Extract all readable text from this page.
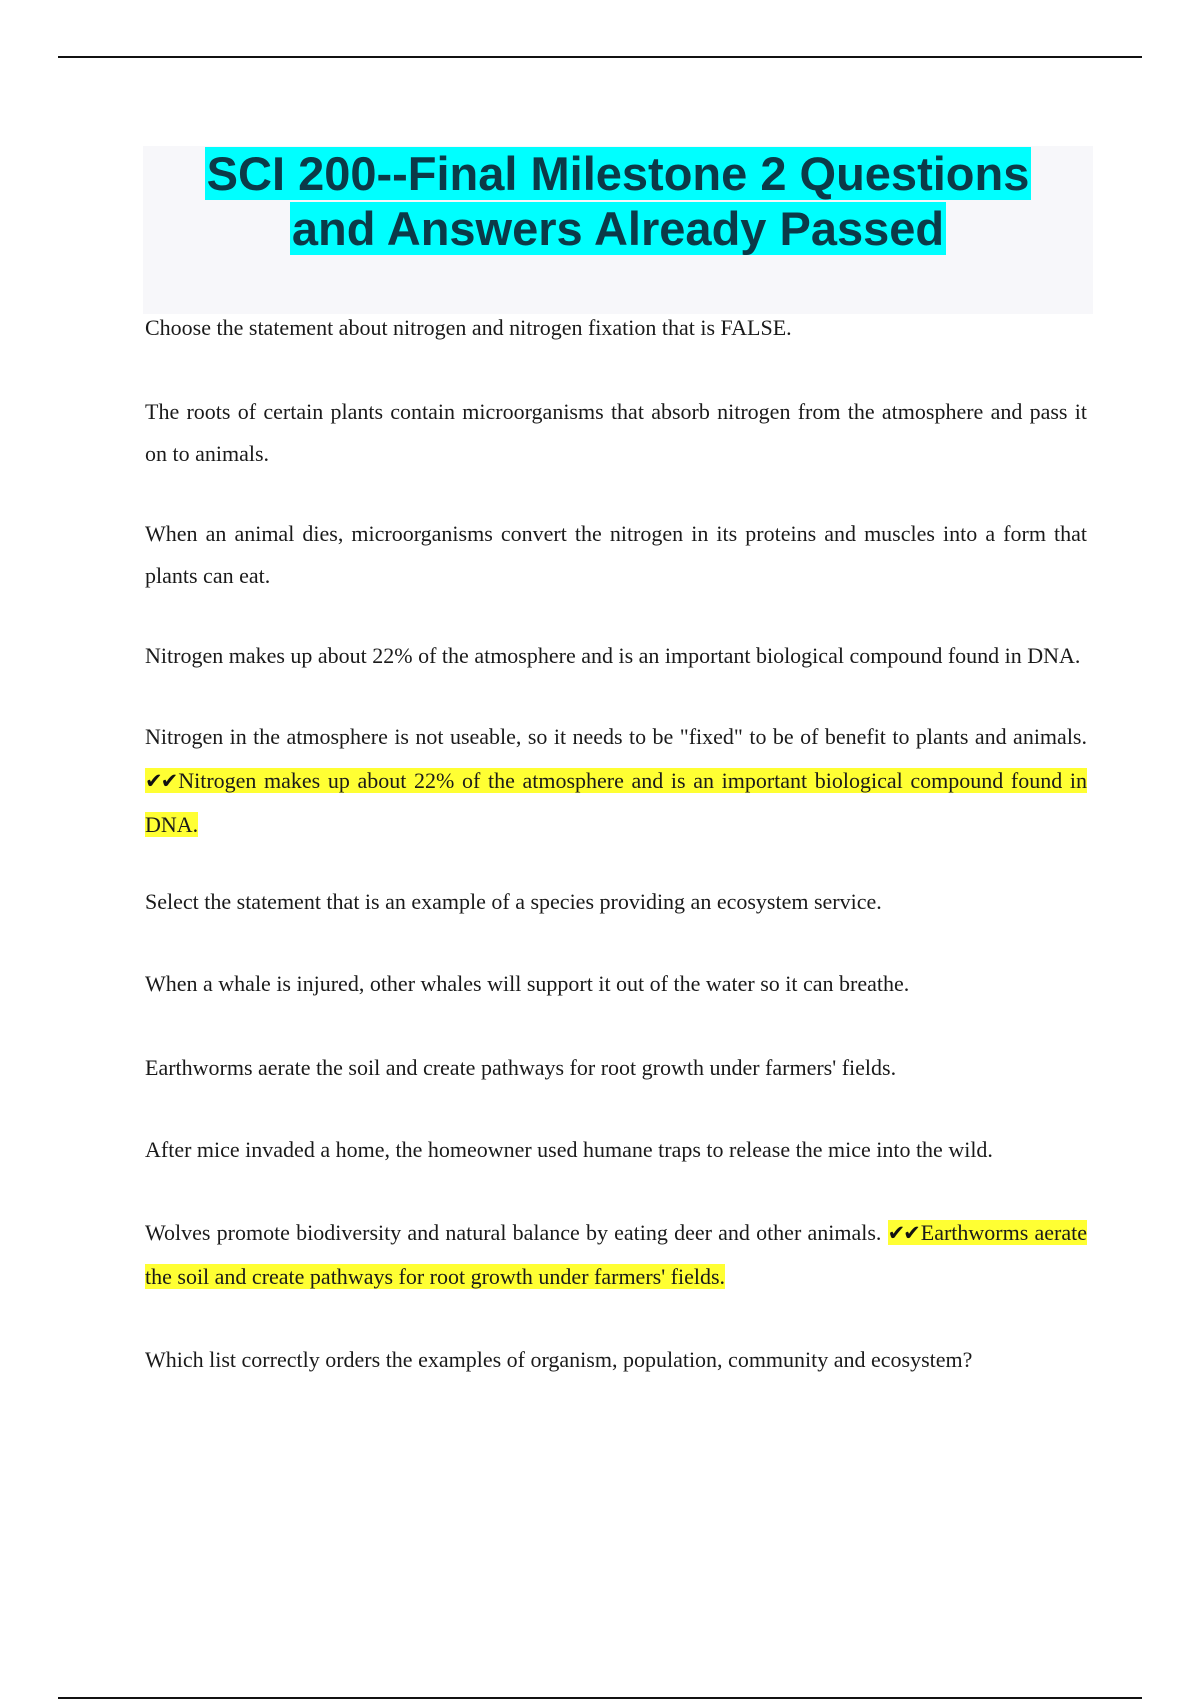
SCI 200--Final Milestone 2 Questions
and Answers Already Passed

Choose the statement about nitrogen and nitrogen fixation that is FALSE.

The roots of certain plants contain microorganisms that absorb nitrogen from the atmosphere and pass it on to animals.

When an animal dies, microorganisms convert the nitrogen in its proteins and muscles into a form that plants can eat.

Nitrogen makes up about 22% of the atmosphere and is an important biological compound found in DNA.

Nitrogen in the atmosphere is not useable, so it needs to be "fixed" to be of benefit to plants and animals. ✔✔Nitrogen makes up about 22% of the atmosphere and is an important biological compound found in DNA.

Select the statement that is an example of a species providing an ecosystem service.

When a whale is injured, other whales will support it out of the water so it can breathe.

Earthworms aerate the soil and create pathways for root growth under farmers' fields.

After mice invaded a home, the homeowner used humane traps to release the mice into the wild.

Wolves promote biodiversity and natural balance by eating deer and other animals. ✔✔Earthworms aerate the soil and create pathways for root growth under farmers' fields.

Which list correctly orders the examples of organism, population, community and ecosystem?
